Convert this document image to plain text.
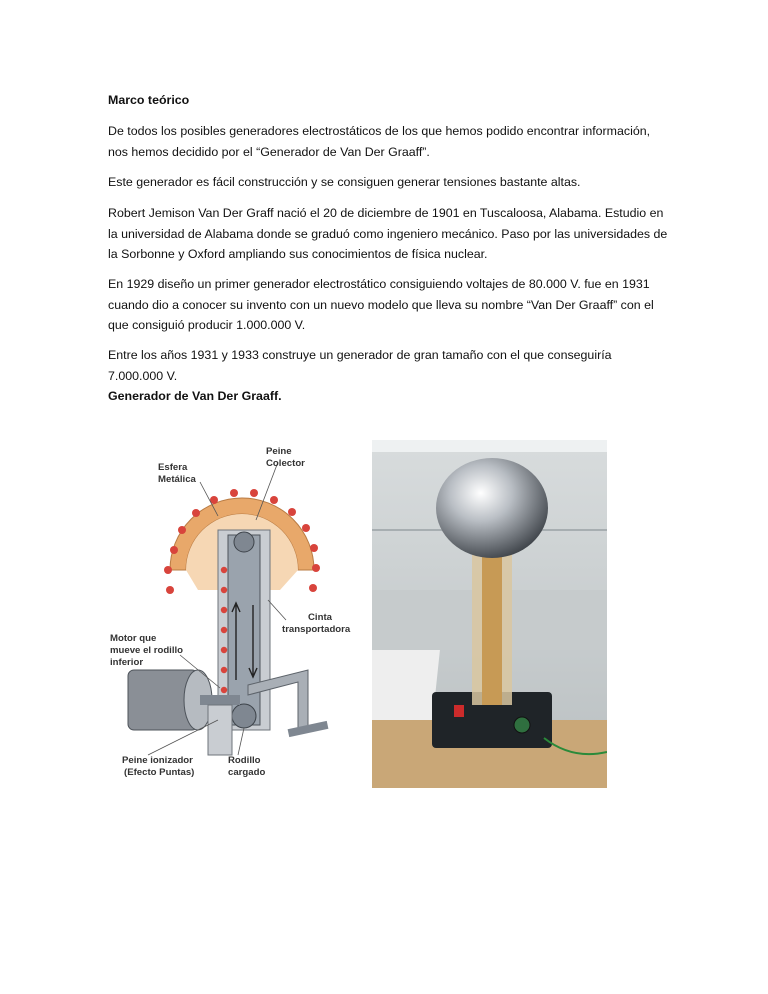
Marco teórico
De todos los posibles generadores electrostáticos de los que hemos podido encontrar información, nos hemos decidido por el “Generador de Van Der Graaff”.
Este generador es fácil construcción y se consiguen generar tensiones bastante altas.
Robert Jemison Van Der Graff nació el 20 de diciembre de 1901 en Tuscaloosa, Alabama. Estudio en la universidad de Alabama donde se graduó como ingeniero mecánico. Paso por las universidades de la Sorbonne y Oxford ampliando sus conocimientos de física nuclear.
En 1929 diseño un primer generador electrostático consiguiendo voltajes de 80.000 V. fue en 1931 cuando dio a conocer su invento con un nuevo modelo que lleva su nombre “Van Der Graaff” con el que consiguió producir 1.000.000 V.
Entre los años 1931 y 1933 construye un generador de gran tamaño con el que conseguiría 7.000.000 V.
Generador de Van Der Graaff.
Esfera
Metálica
Peine
Colector
Cinta
transportadora
Motor que
mueve el rodillo
inferior
Peine ionizador
(Efecto Puntas)
Rodillo
cargado
